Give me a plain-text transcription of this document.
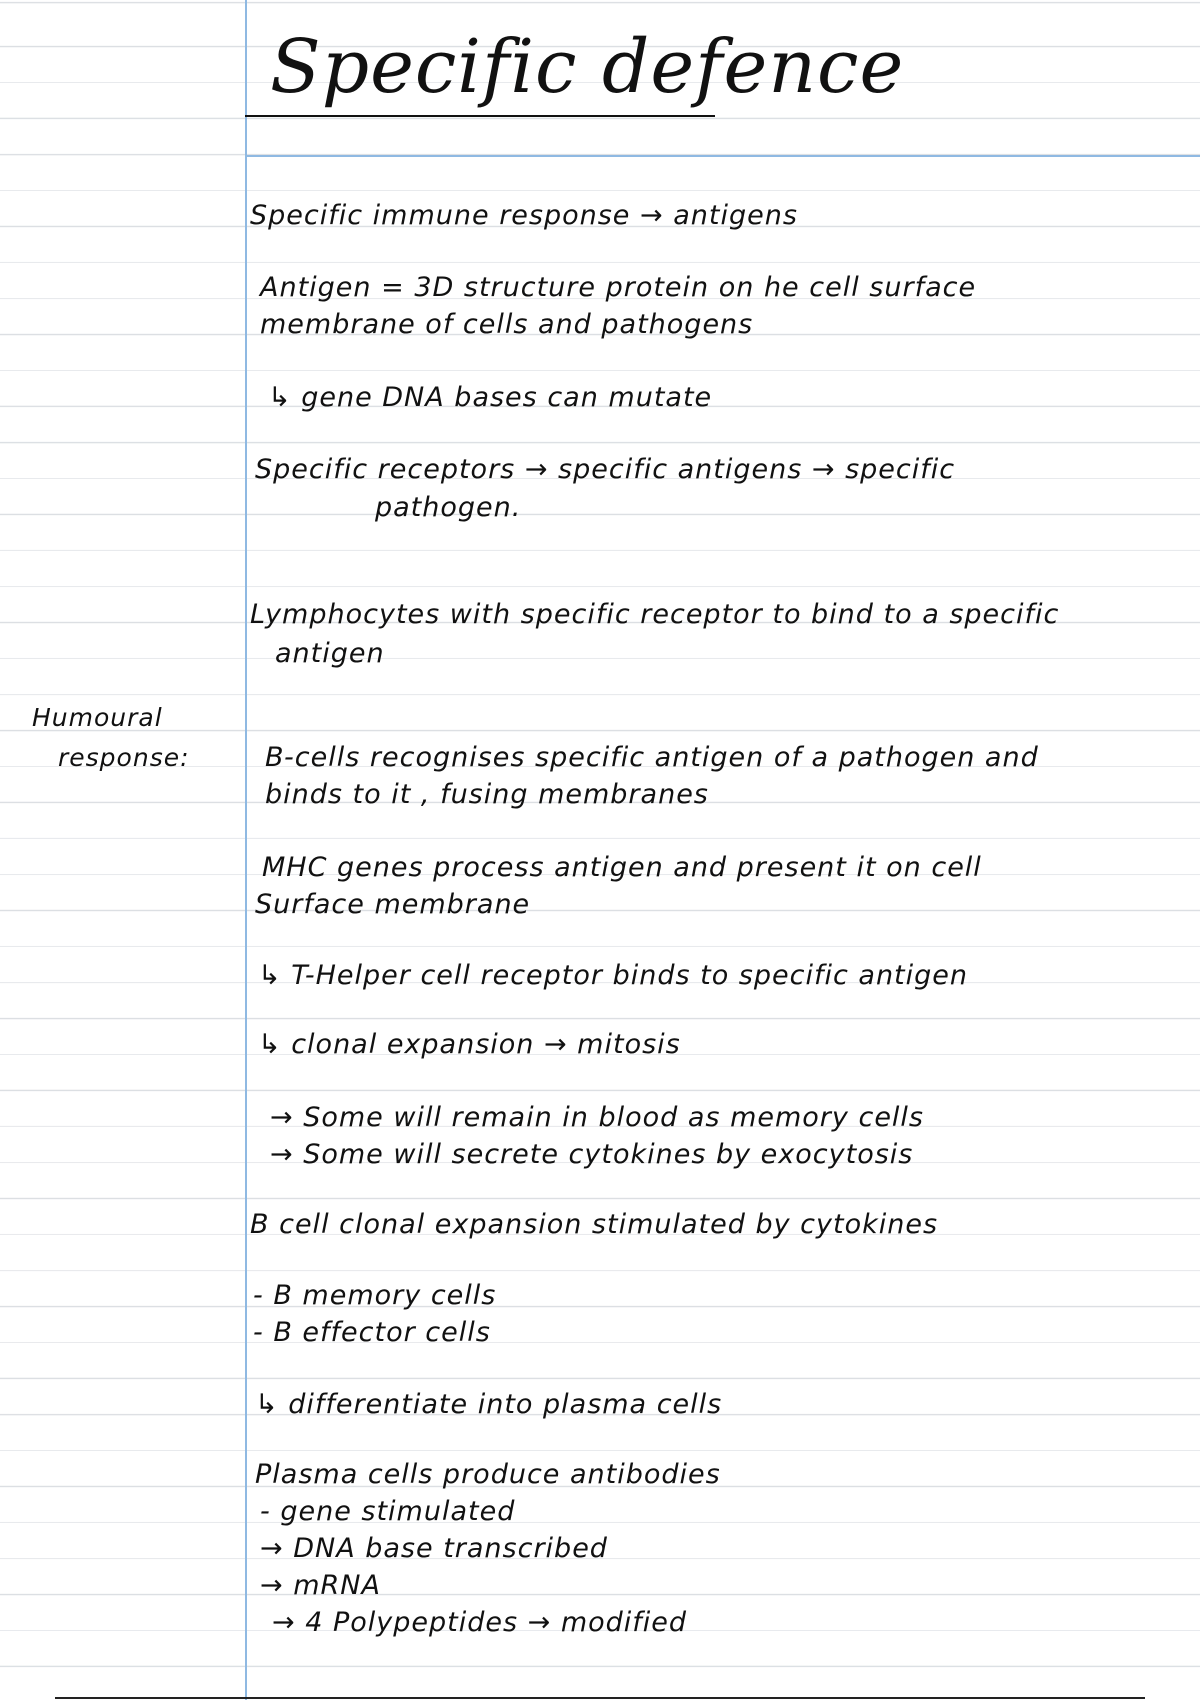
Specific defence
Humoural
response:
Specific immune response → antigens
Antigen = 3D structure protein on he cell surface
membrane of cells and pathogens
↳ gene DNA bases can mutate
Specific receptors → specific antigens → specific
pathogen.
Lymphocytes with specific receptor to bind to a specific
antigen
B-cells recognises specific antigen of a pathogen and
binds to it , fusing membranes
MHC genes process antigen and present it on cell
Surface membrane
↳ T-Helper cell receptor binds to specific antigen
↳ clonal expansion → mitosis
→ Some will remain in blood as memory cells
→ Some will secrete cytokines by exocytosis
B cell clonal expansion stimulated by cytokines
- B memory cells
- B effector cells
↳ differentiate into plasma cells
Plasma cells produce antibodies
- gene stimulated
→ DNA base transcribed
→ mRNA
→ 4 Polypeptides → modified
